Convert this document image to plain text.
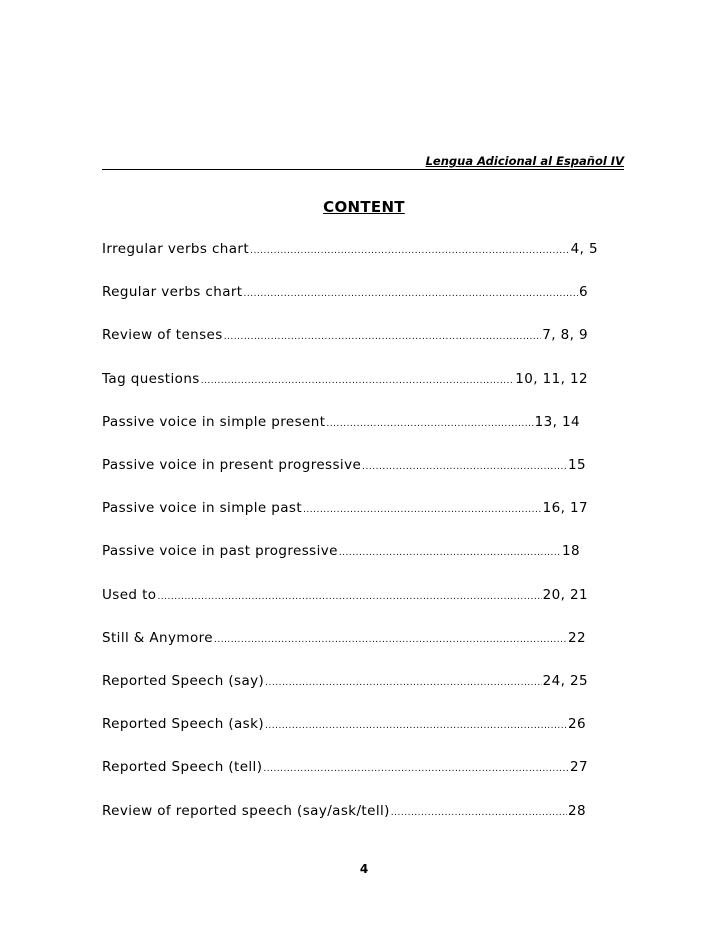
Lengua Adicional al Español IV
CONTENT
Irregular verbs chart .....	4, 5
Regular verbs chart .....	6
Review of tenses .....	7, 8, 9
Tag questions .....	10, 11, 12
Passive voice in simple present .....	13, 14
Passive voice in present progressive .....	15
Passive voice in simple past .....	16, 17
Passive voice in past progressive .....	18
Used to .....	20, 21
Still & Anymore .....	22
Reported Speech (say) .....	24, 25
Reported Speech (ask) .....	26
Reported Speech (tell) .....	27
Review of reported speech (say/ask/tell) .....	28
4
